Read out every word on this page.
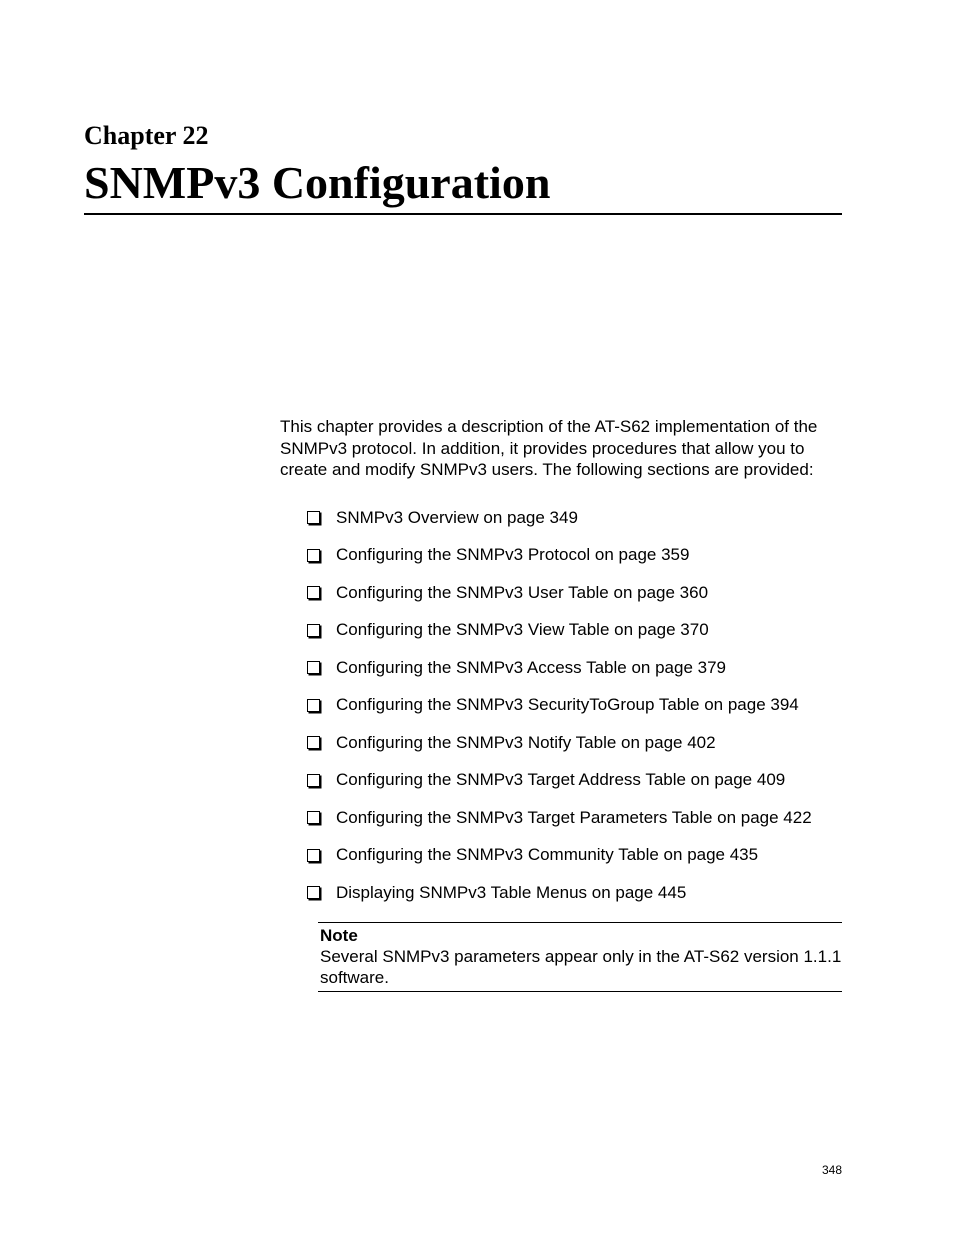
Chapter 22
SNMPv3 Configuration

This chapter provides a description of the AT-S62 implementation of the SNMPv3 protocol. In addition, it provides procedures that allow you to create and modify SNMPv3 users. The following sections are provided:

SNMPv3 Overview on page 349
Configuring the SNMPv3 Protocol on page 359
Configuring the SNMPv3 User Table on page 360
Configuring the SNMPv3 View Table on page 370
Configuring the SNMPv3 Access Table on page 379
Configuring the SNMPv3 SecurityToGroup Table on page 394
Configuring the SNMPv3 Notify Table on page 402
Configuring the SNMPv3 Target Address Table on page 409
Configuring the SNMPv3 Target Parameters Table on page 422
Configuring the SNMPv3 Community Table on page 435
Displaying SNMPv3 Table Menus on page 445

Note

Several SNMPv3 parameters appear only in the AT-S62 version 1.1.1 software.

348
